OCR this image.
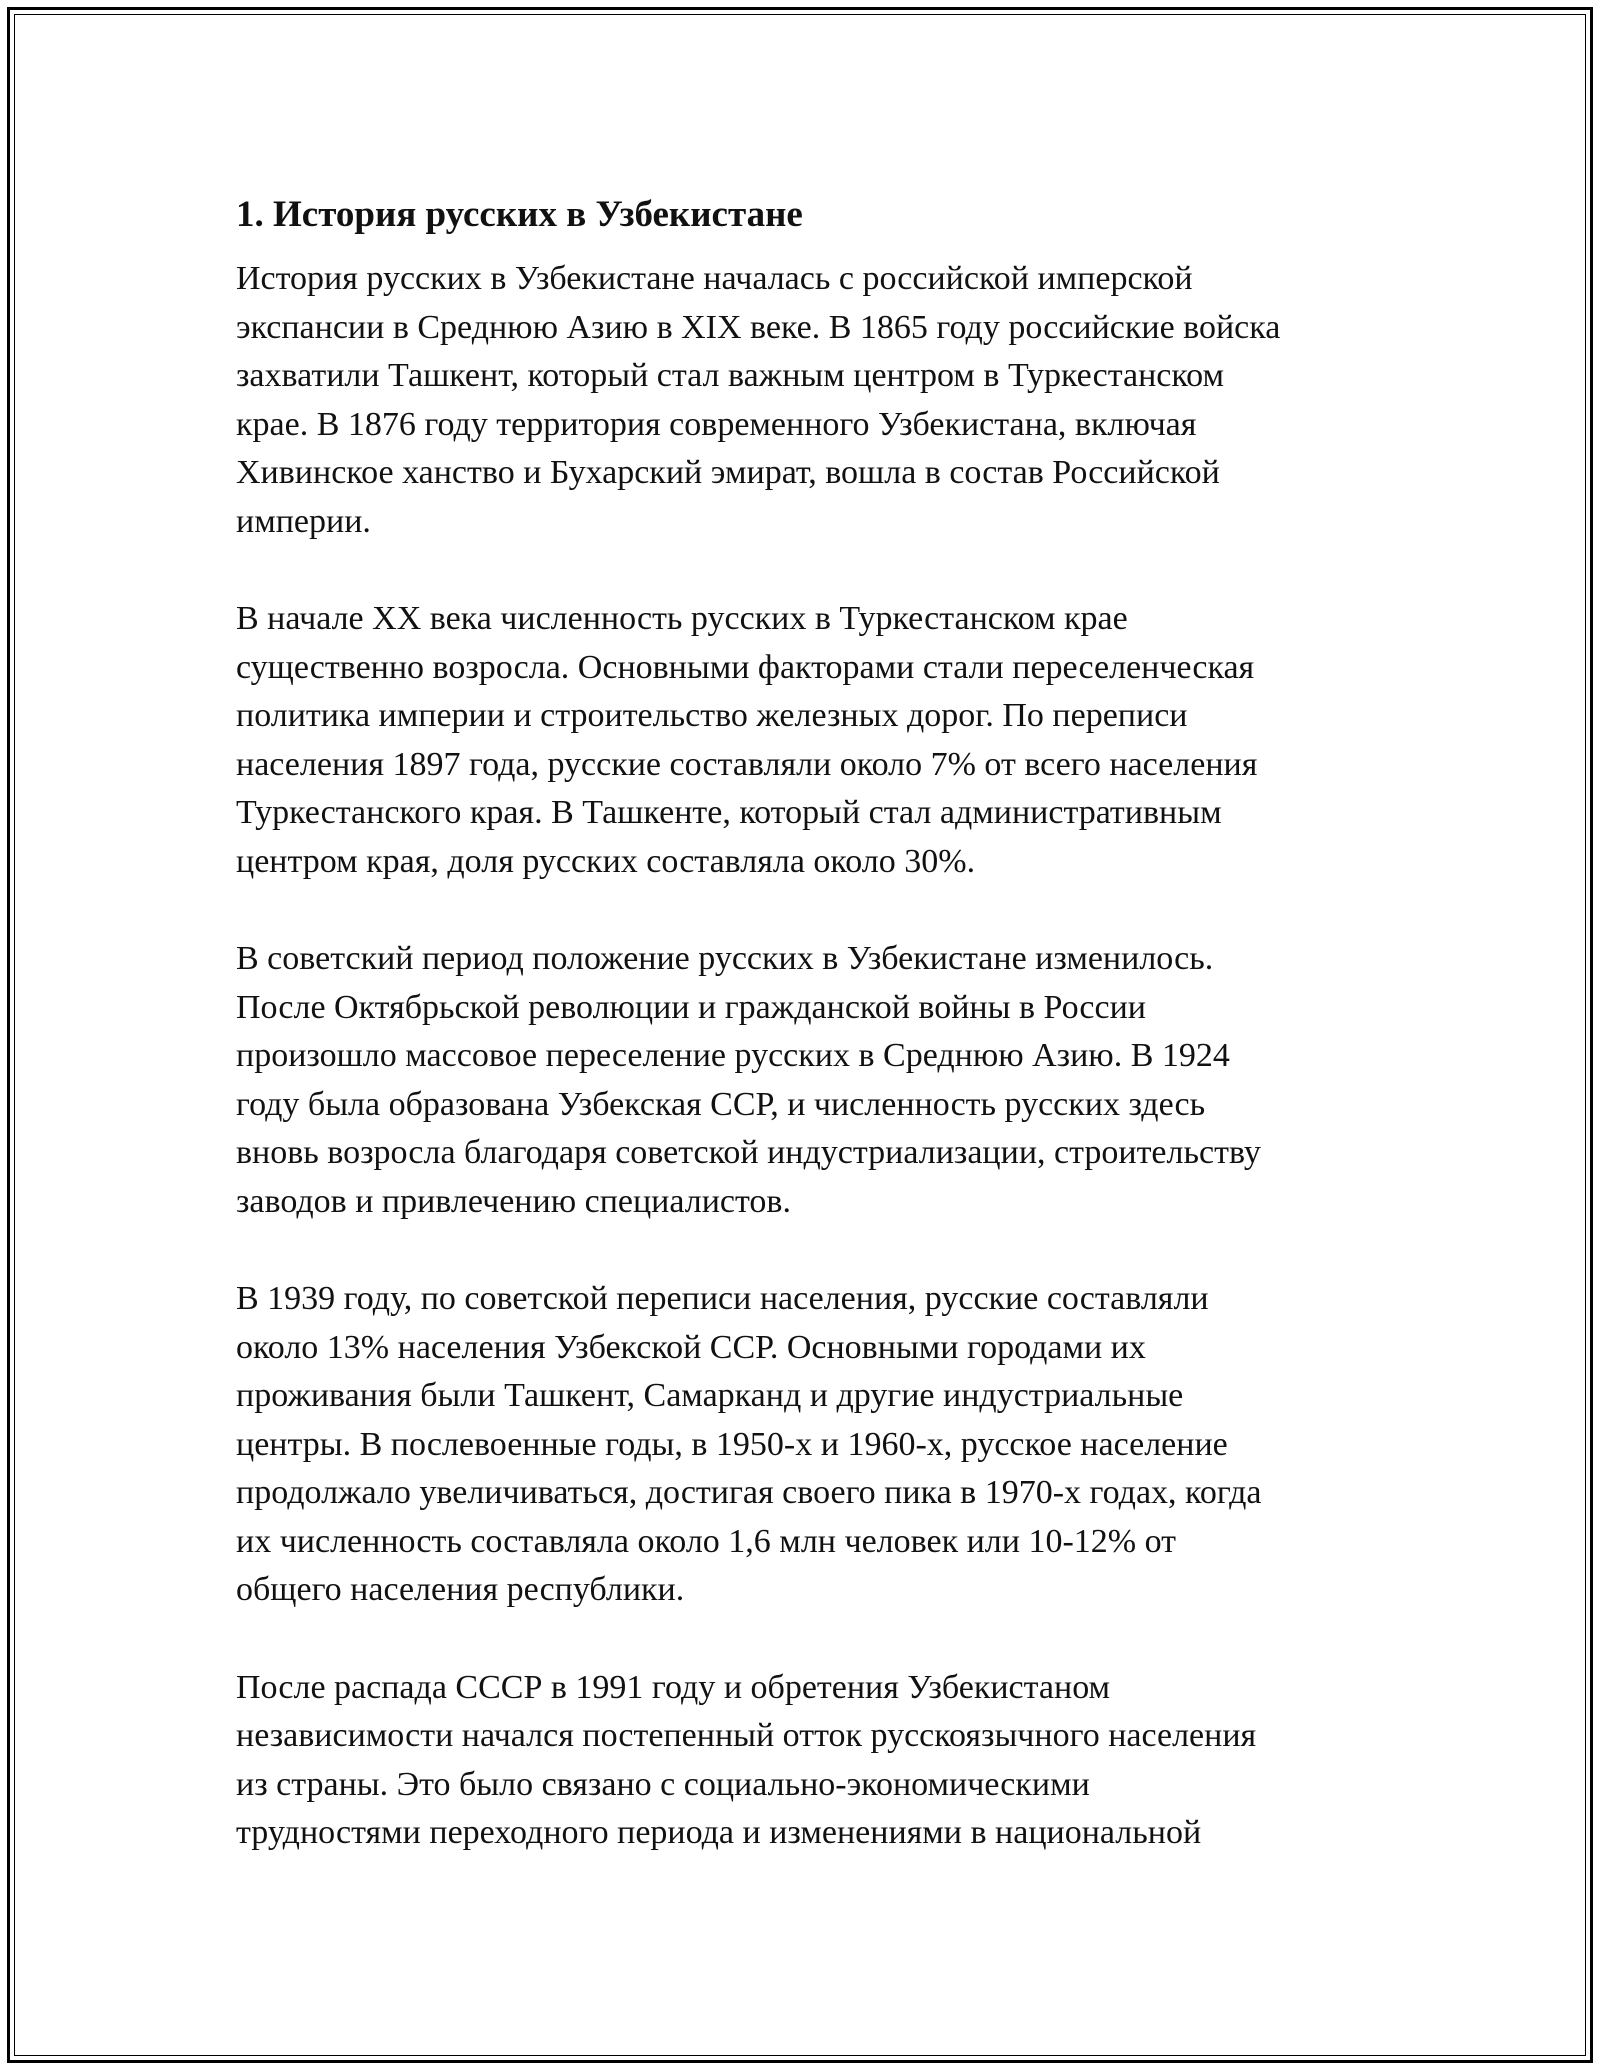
1. История русских в Узбекистане

История русских в Узбекистане началась с российской имперской
экспансии в Среднюю Азию в XIX веке. В 1865 году российские войска
захватили Ташкент, который стал важным центром в Туркестанском
крае. В 1876 году территория современного Узбекистана, включая
Хивинское ханство и Бухарский эмират, вошла в состав Российской
империи.

В начале XX века численность русских в Туркестанском крае
существенно возросла. Основными факторами стали переселенческая
политика империи и строительство железных дорог. По переписи
населения 1897 года, русские составляли около 7% от всего населения
Туркестанского края. В Ташкенте, который стал административным
центром края, доля русских составляла около 30%.

В советский период положение русских в Узбекистане изменилось.
После Октябрьской революции и гражданской войны в России
произошло массовое переселение русских в Среднюю Азию. В 1924
году была образована Узбекская ССР, и численность русских здесь
вновь возросла благодаря советской индустриализации, строительству
заводов и привлечению специалистов.

В 1939 году, по советской переписи населения, русские составляли
около 13% населения Узбекской ССР. Основными городами их
проживания были Ташкент, Самарканд и другие индустриальные
центры. В послевоенные годы, в 1950-х и 1960-х, русское население
продолжало увеличиваться, достигая своего пика в 1970-х годах, когда
их численность составляла около 1,6 млн человек или 10-12% от
общего населения республики.

После распада СССР в 1991 году и обретения Узбекистаном
независимости начался постепенный отток русскоязычного населения
из страны. Это было связано с социально-экономическими
трудностями переходного периода и изменениями в национальной
